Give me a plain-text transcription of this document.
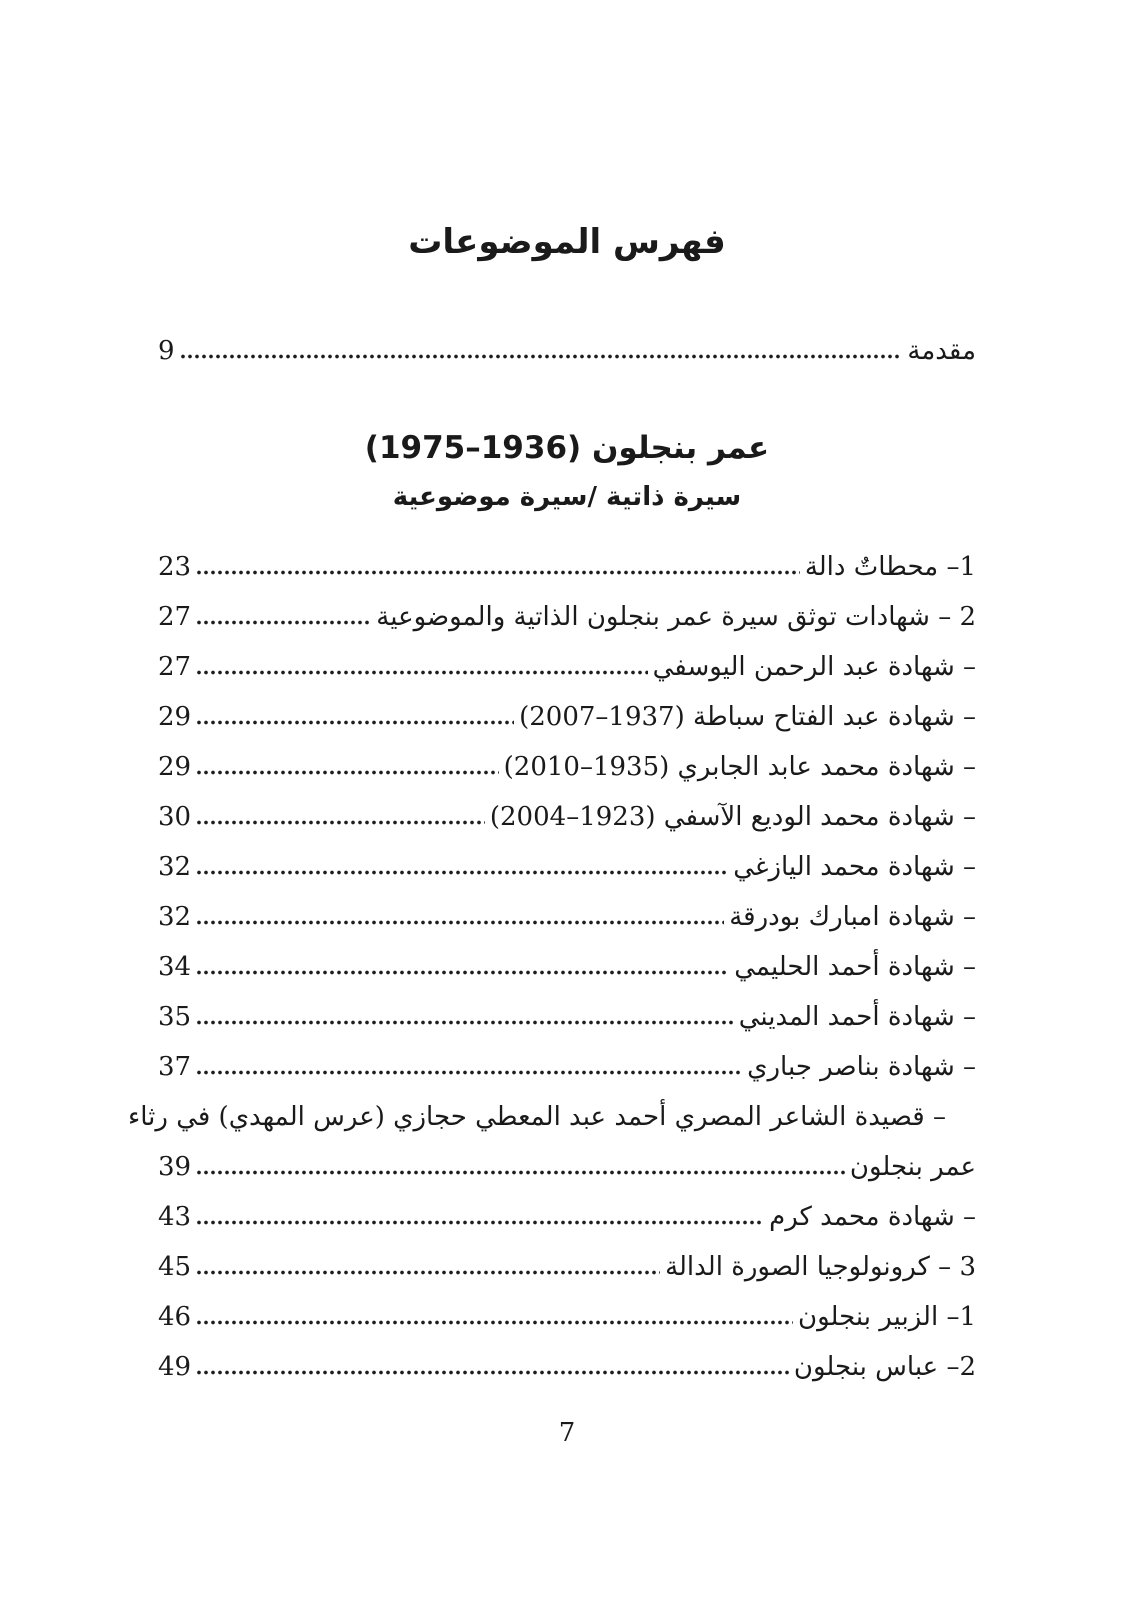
فهرس الموضوعات
مقدمة
9
عمر بنجلون (1936–1975)
سيرة ذاتية /سيرة موضوعية
1– محطاتٌ دالة
23
2 – شهادات توثق سيرة عمر بنجلون الذاتية والموضوعية
27
– شهادة عبد الرحمن اليوسفي
27
– شهادة عبد الفتاح سباطة (1937–2007)
29
– شهادة محمد عابد الجابري (1935–2010)
29
– شهادة محمد الوديع الآسفي (1923–2004)
30
– شهادة محمد اليازغي
32
– شهادة امبارك بودرقة
32
– شهادة أحمد الحليمي
34
– شهادة أحمد المديني
35
– شهادة بناصر جباري
37
– قصيدة الشاعر المصري أحمد عبد المعطي حجازي (عرس المهدي) في رثاء
عمر بنجلون
39
– شهادة محمد كرم
43
3 – كرونولوجيا الصورة الدالة
45
1– الزبير بنجلون
46
2– عباس بنجلون
49
7
